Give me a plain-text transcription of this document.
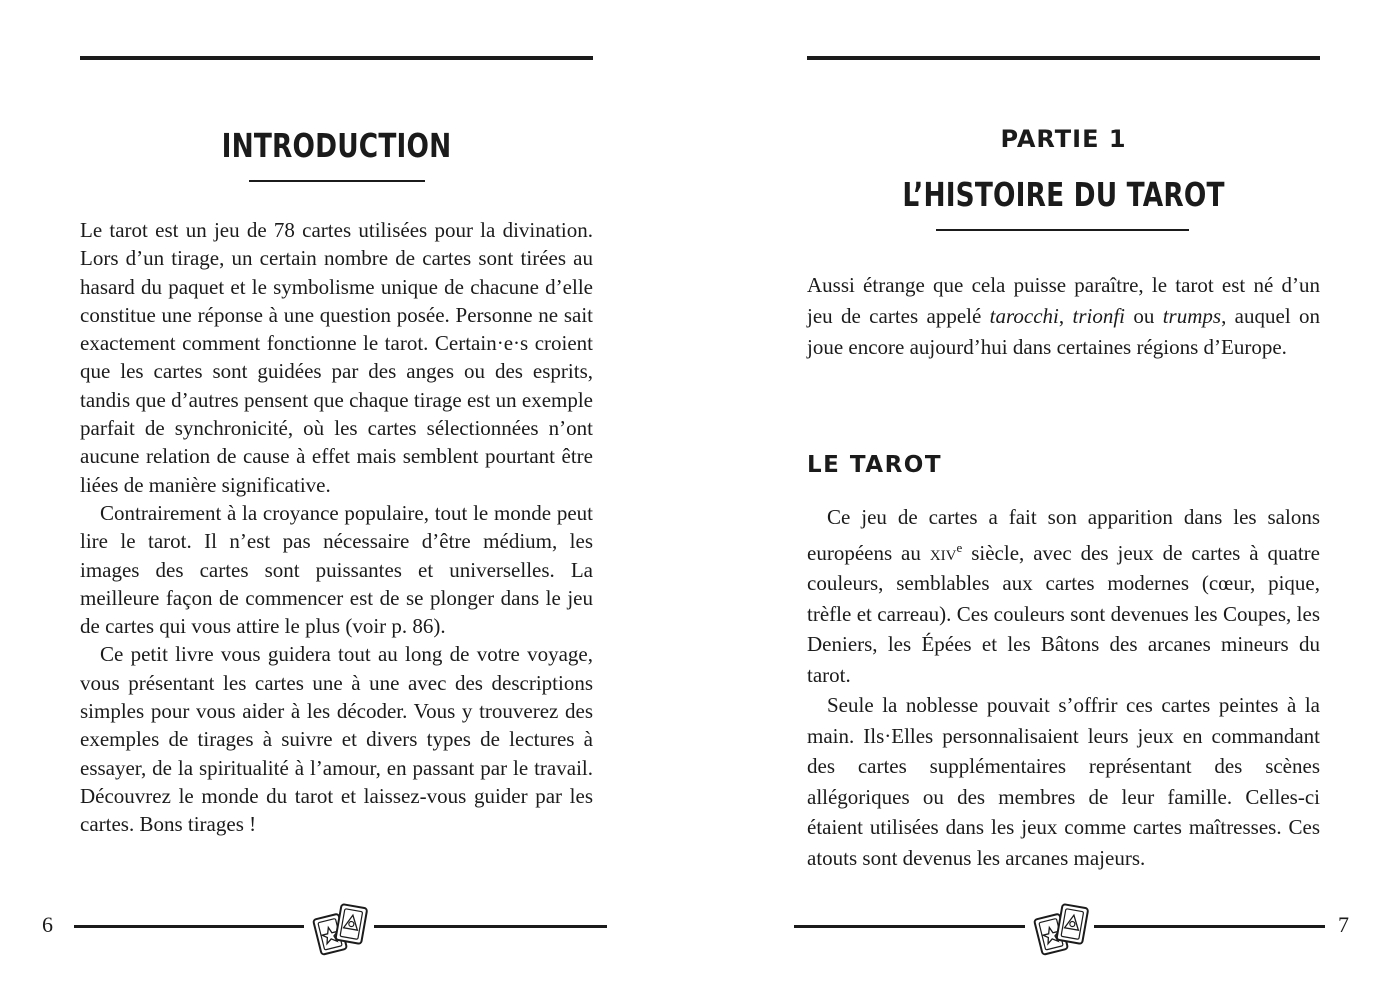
INTRODUCTION

Le tarot est un jeu de 78 cartes utilisées pour la divination. Lors d’un tirage, un certain nombre de cartes sont tirées au hasard du paquet et le symbolisme unique de chacune d’elle constitue une réponse à une question posée. Personne ne sait exactement comment fonctionne le tarot. Certain·e·s croient que les cartes sont guidées par des anges ou des esprits, tandis que d’autres pensent que chaque tirage est un exemple parfait de synchronicité, où les cartes sélectionnées n’ont aucune relation de cause à effet mais semblent pourtant être liées de manière significative.

Contrairement à la croyance populaire, tout le monde peut lire le tarot. Il n’est pas nécessaire d’être médium, les images des cartes sont puissantes et universelles. La meilleure façon de commencer est de se plonger dans le jeu de cartes qui vous attire le plus (voir p. 86).

Ce petit livre vous guidera tout au long de votre voyage, vous présentant les cartes une à une avec des descriptions simples pour vous aider à les décoder. Vous y trouverez des exemples de tirages à suivre et divers types de lectures à essayer, de la spiritualité à l’amour, en passant par le travail. Découvrez le monde du tarot et laissez-vous guider par les cartes. Bons tirages !

6
PARTIE 1
L’HISTOIRE DU TAROT

Aussi étrange que cela puisse paraître, le tarot est né d’un jeu de cartes appelé tarocchi, trionfi ou trumps, auquel on joue encore aujourd’hui dans certaines régions d’Europe.

LE TAROT

Ce jeu de cartes a fait son apparition dans les salons européens au xiv$^e$ siècle, avec des jeux de cartes à quatre couleurs, semblables aux cartes modernes (cœur, pique, trèfle et carreau). Ces couleurs sont devenues les Coupes, les Deniers, les Épées et les Bâtons des arcanes mineurs du tarot.

Seule la noblesse pouvait s’offrir ces cartes peintes à la main. Ils·Elles personnalisaient leurs jeux en commandant des cartes supplémentaires représentant des scènes allégoriques ou des membres de leur famille. Celles-ci étaient utilisées dans les jeux comme cartes maîtresses. Ces atouts sont devenus les arcanes majeurs.

7
